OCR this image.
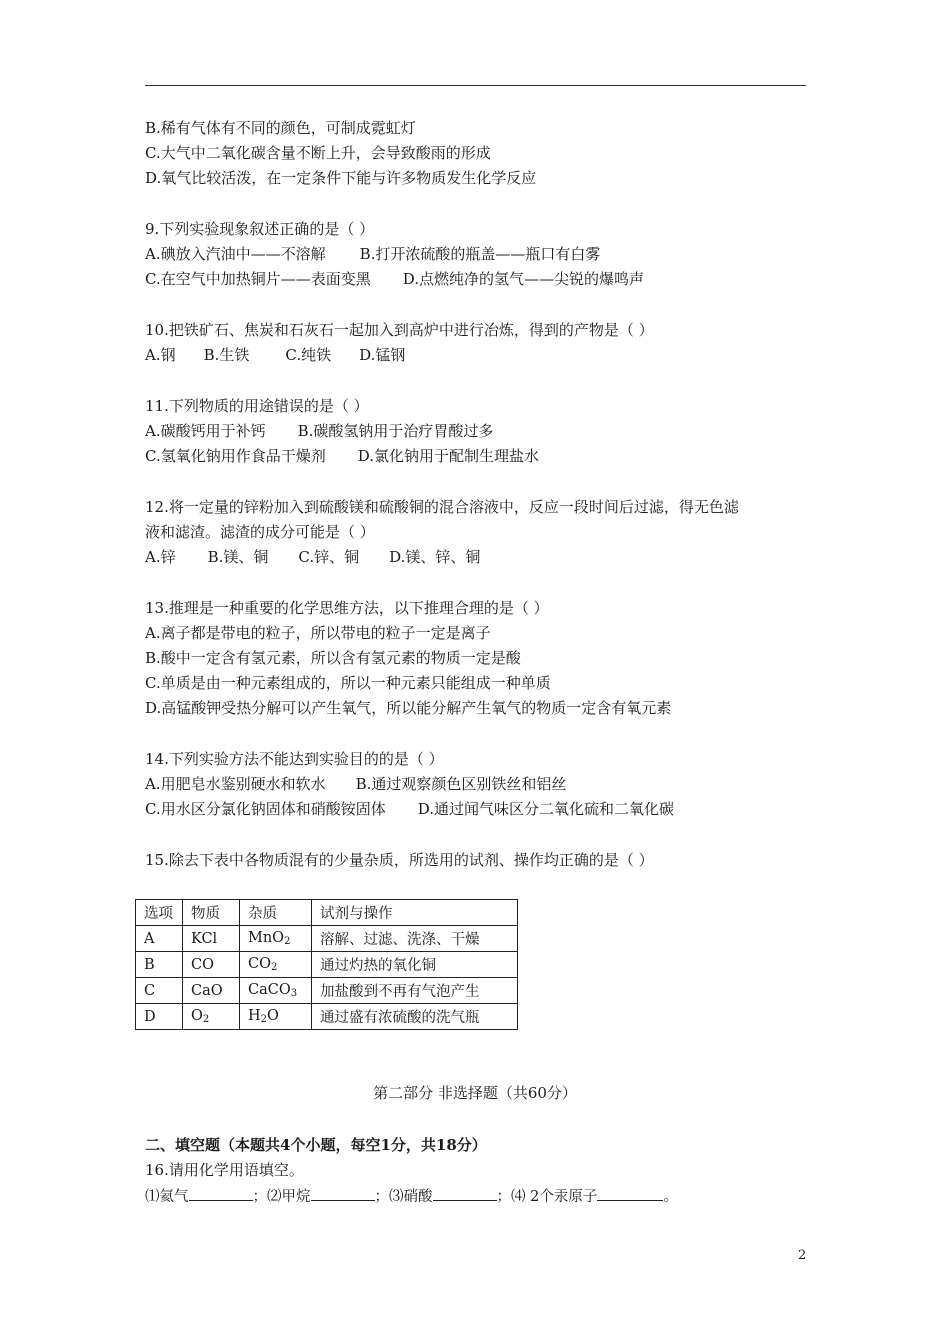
B.稀有气体有不同的颜色，可制成霓虹灯
C.大气中二氧化碳含量不断上升，会导致酸雨的形成
D.氧气比较活泼，在一定条件下能与许多物质发生化学反应
9.下列实验现象叙述正确的是（ ）
A.碘放入汽油中——不溶解 B.打开浓硫酸的瓶盖——瓶口有白雾
C.在空气中加热铜片——表面变黑 D.点燃纯净的氢气——尖锐的爆鸣声
10.把铁矿石、焦炭和石灰石一起加入到高炉中进行冶炼，得到的产物是（ ）
A.钢 B.生铁 C.纯铁 D.锰钢
11.下列物质的用途错误的是（ ）
A.碳酸钙用于补钙 B.碳酸氢钠用于治疗胃酸过多
C.氢氧化钠用作食品干燥剂 D.氯化钠用于配制生理盐水
12.将一定量的锌粉加入到硫酸镁和硫酸铜的混合溶液中，反应一段时间后过滤，得无色滤
液和滤渣。滤渣的成分可能是（ ）
A.锌 B.镁、铜 C.锌、铜 D.镁、锌、铜
13.推理是一种重要的化学思维方法，以下推理合理的是（ ）
A.离子都是带电的粒子，所以带电的粒子一定是离子
B.酸中一定含有氢元素，所以含有氢元素的物质一定是酸
C.单质是由一种元素组成的，所以一种元素只能组成一种单质
D.高锰酸钾受热分解可以产生氧气，所以能分解产生氧气的物质一定含有氧元素
14.下列实验方法不能达到实验目的的是（ ）
A.用肥皂水鉴别硬水和软水 B.通过观察颜色区别铁丝和铝丝
C.用水区分氯化钠固体和硝酸铵固体 D.通过闻气味区分二氧化硫和二氧化碳
15.除去下表中各物质混有的少量杂质，所选用的试剂、操作均正确的是（ ）
选项	物质	杂质	试剂与操作
A	KCl	MnO$_2$	溶解、过滤、洗涤、干燥
B	CO	$CO_2$	通过灼热的氧化铜
C	CaO	CaCO$_3$	加盐酸到不再有气泡产生
D	$O_2$	$H_2O$	通过盛有浓硫酸的洗气瓶
第二部分 非选择题（共60分）
二、填空题（本题共4个小题，每空1分，共18分）
16.请用化学用语填空。
⑴氦气	；⑵甲烷	；⑶硝酸	；⑷ 2个汞原子	。
2
